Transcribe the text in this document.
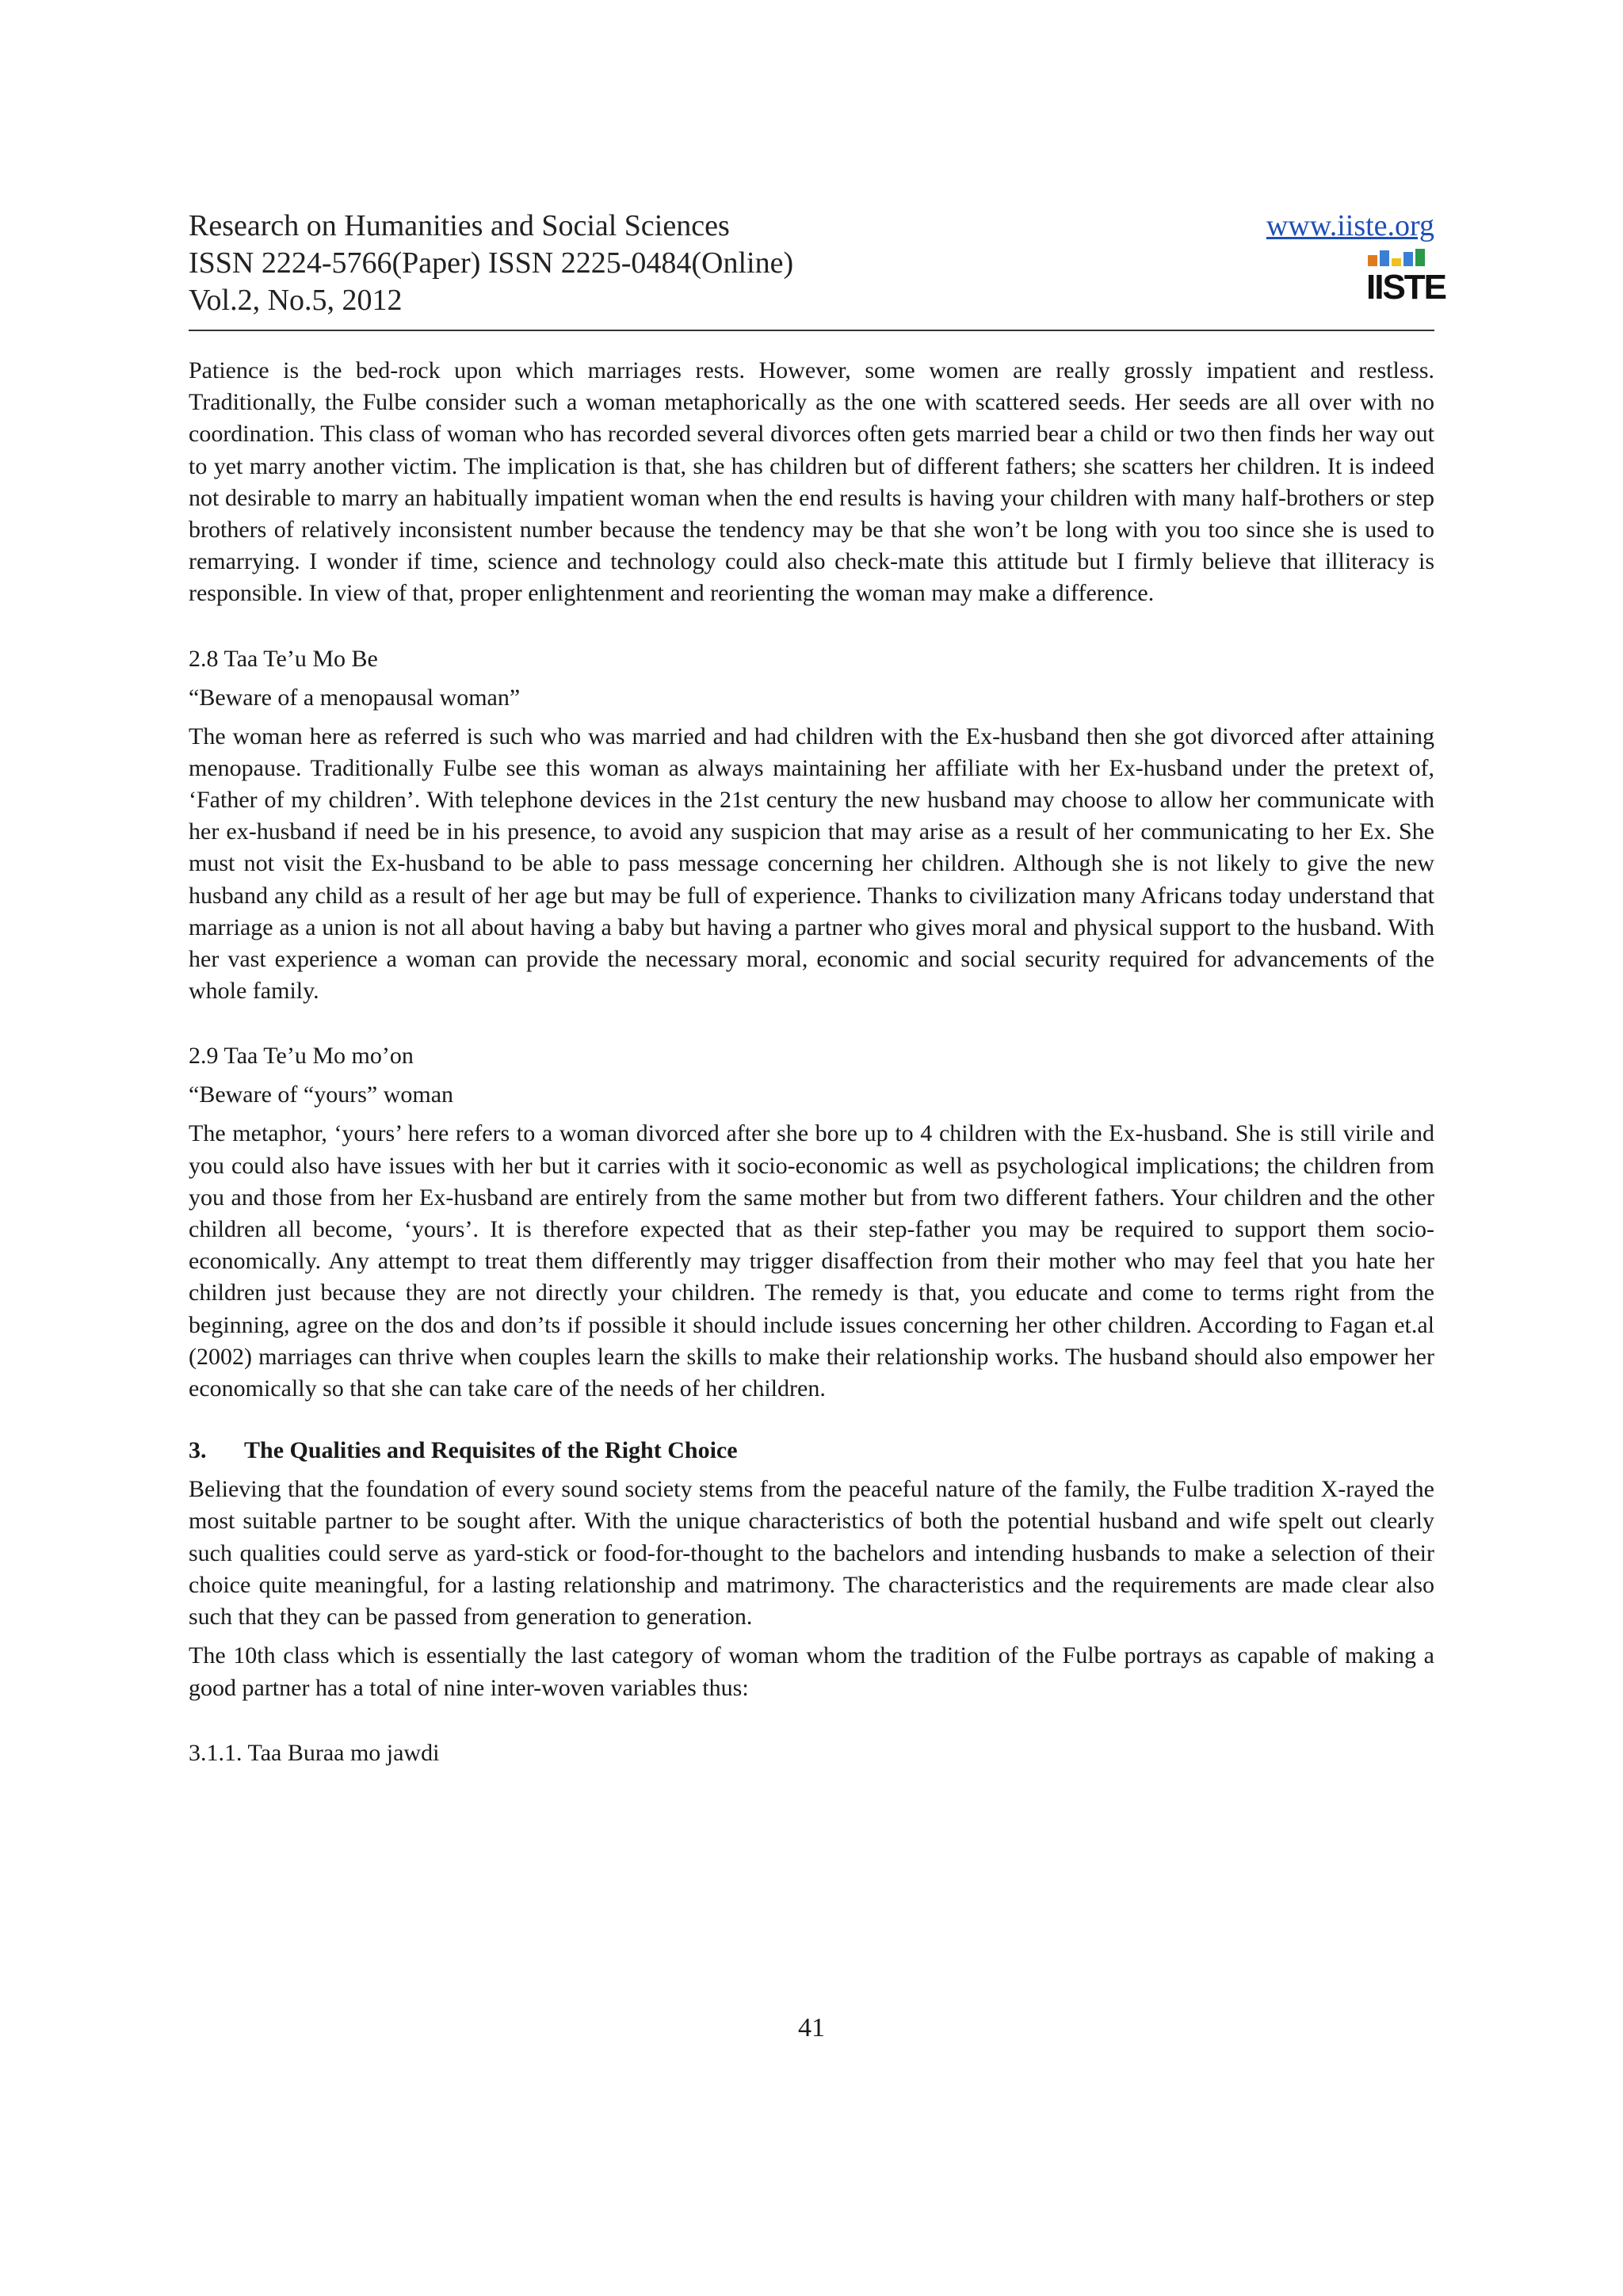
Research on Humanities and Social Sciences
ISSN 2224-5766(Paper) ISSN 2225-0484(Online)
Vol.2, No.5, 2012
www.iiste.org
IISTE

Patience is the bed-rock upon which marriages rests. However, some women are really grossly impatient and restless. Traditionally, the Fulbe consider such a woman metaphorically as the one with scattered seeds. Her seeds are all over with no coordination. This class of woman who has recorded several divorces often gets married bear a child or two then finds her way out to yet marry another victim. The implication is that, she has children but of different fathers; she scatters her children. It is indeed not desirable to marry an habitually impatient woman when the end results is having your children with many half-brothers or step brothers of relatively inconsistent number because the tendency may be that she won’t be long with you too since she is used to remarrying. I wonder if time, science and technology could also check-mate this attitude but I firmly believe that illiteracy is responsible. In view of that, proper enlightenment and reorienting the woman may make a difference.

2.8 Taa Te’u Mo Be

“Beware of a menopausal woman”

The woman here as referred is such who was married and had children with the Ex-husband then she got divorced after attaining menopause. Traditionally Fulbe see this woman as always maintaining her affiliate with her Ex-husband under the pretext of, ‘Father of my children’. With telephone devices in the 21st century the new husband may choose to allow her communicate with her ex-husband if need be in his presence, to avoid any suspicion that may arise as a result of her communicating to her Ex. She must not visit the Ex-husband to be able to pass message concerning her children. Although she is not likely to give the new husband any child as a result of her age but may be full of experience. Thanks to civilization many Africans today understand that marriage as a union is not all about having a baby but having a partner who gives moral and physical support to the husband. With her vast experience a woman can provide the necessary moral, economic and social security required for advancements of the whole family.

2.9 Taa Te’u Mo mo’on

“Beware of “yours” woman

The metaphor, ‘yours’ here refers to a woman divorced after she bore up to 4 children with the Ex-husband. She is still virile and you could also have issues with her but it carries with it socio-economic as well as psychological implications; the children from you and those from her Ex-husband are entirely from the same mother but from two different fathers. Your children and the other children all become, ‘yours’. It is therefore expected that as their step-father you may be required to support them socio-economically. Any attempt to treat them differently may trigger disaffection from their mother who may feel that you hate her children just because they are not directly your children. The remedy is that, you educate and come to terms right from the beginning, agree on the dos and don’ts if possible it should include issues concerning her other children. According to Fagan et.al (2002) marriages can thrive when couples learn the skills to make their relationship works. The husband should also empower her economically so that she can take care of the needs of her children.

3. The Qualities and Requisites of the Right Choice

Believing that the foundation of every sound society stems from the peaceful nature of the family, the Fulbe tradition X-rayed the most suitable partner to be sought after. With the unique characteristics of both the potential husband and wife spelt out clearly such qualities could serve as yard-stick or food-for-thought to the bachelors and intending husbands to make a selection of their choice quite meaningful, for a lasting relationship and matrimony. The characteristics and the requirements are made clear also such that they can be passed from generation to generation.

The 10th class which is essentially the last category of woman whom the tradition of the Fulbe portrays as capable of making a good partner has a total of nine inter-woven variables thus:

3.1.1. Taa Buraa mo jawdi

41
